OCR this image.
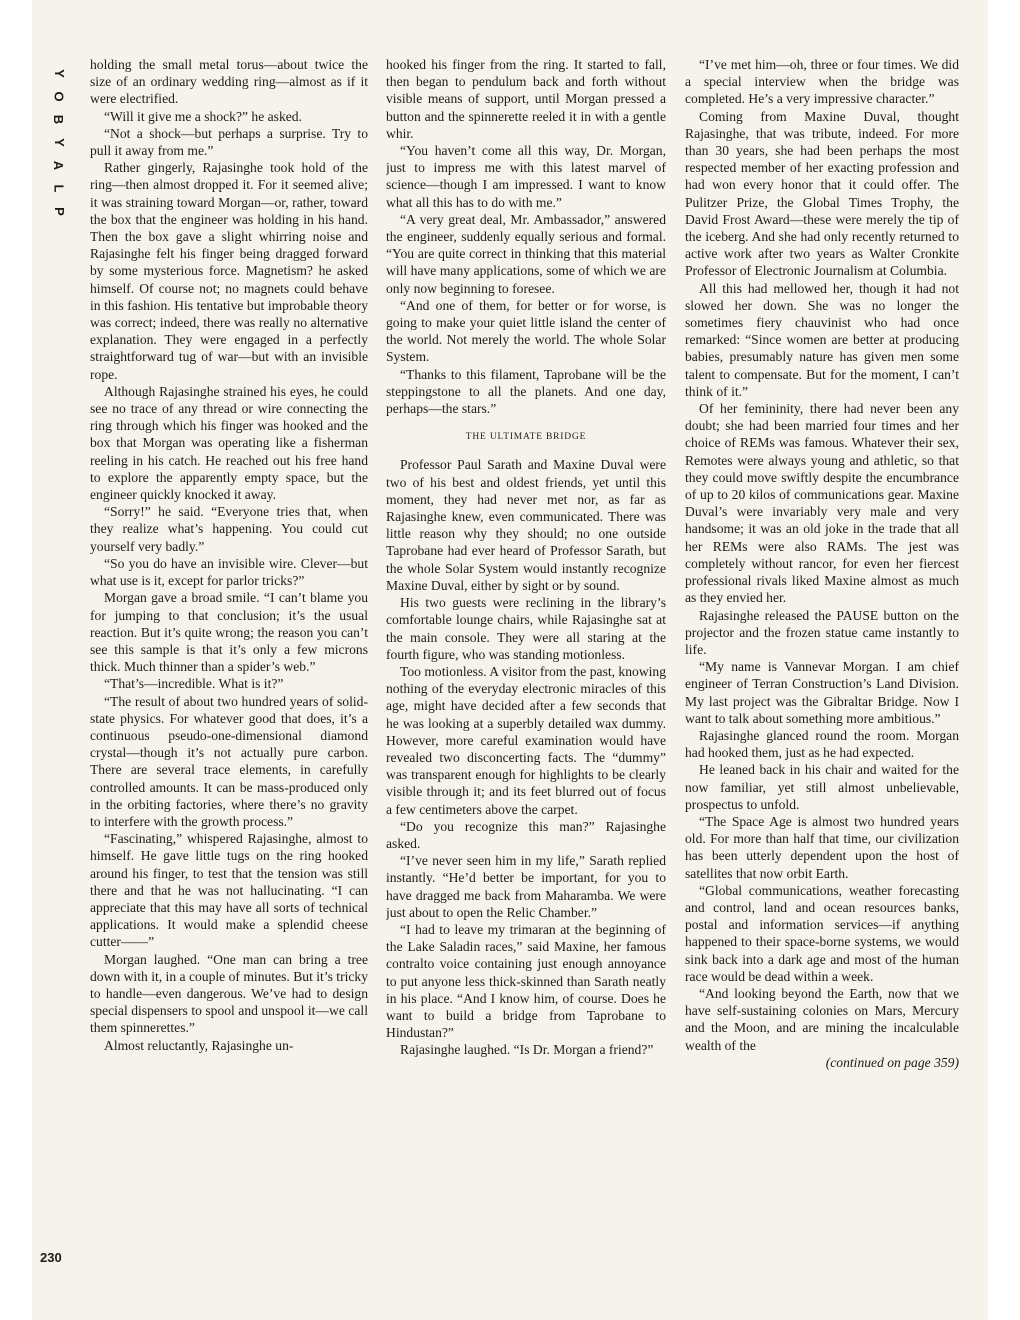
Y
O
B
Y
A
L
P
230

holding the small metal torus—about twice the size of an ordinary wedding ring—almost as if it were electrified.

“Will it give me a shock?” he asked.

“Not a shock—but perhaps a surprise. Try to pull it away from me.”

Rather gingerly, Rajasinghe took hold of the ring—then almost dropped it. For it seemed alive; it was straining toward Morgan—or, rather, toward the box that the engineer was holding in his hand. Then the box gave a slight whirring noise and Rajasinghe felt his finger being dragged forward by some mysterious force. Magnetism? he asked himself. Of course not; no magnets could behave in this fashion. His tentative but improbable theory was correct; indeed, there was really no alternative explanation. They were engaged in a perfectly straightforward tug of war—but with an invisible rope.

Although Rajasinghe strained his eyes, he could see no trace of any thread or wire connecting the ring through which his finger was hooked and the box that Morgan was operating like a fisherman reeling in his catch. He reached out his free hand to explore the apparently empty space, but the engineer quickly knocked it away.

“Sorry!” he said. “Everyone tries that, when they realize what’s happening. You could cut yourself very badly.”

“So you do have an invisible wire. Clever—but what use is it, except for parlor tricks?”

Morgan gave a broad smile. “I can’t blame you for jumping to that conclusion; it’s the usual reaction. But it’s quite wrong; the reason you can’t see this sample is that it’s only a few microns thick. Much thinner than a spider’s web.”

“That’s—incredible. What is it?”

“The result of about two hundred years of solid-state physics. For whatever good that does, it’s a continuous pseudo-one-dimensional diamond crystal—though it’s not actually pure carbon. There are several trace elements, in carefully controlled amounts. It can be mass-produced only in the orbiting factories, where there’s no gravity to interfere with the growth process.”

“Fascinating,” whispered Rajasinghe, almost to himself. He gave little tugs on the ring hooked around his finger, to test that the tension was still there and that he was not hallucinating. “I can appreciate that this may have all sorts of technical applications. It would make a splendid cheese cutter——”

Morgan laughed. “One man can bring a tree down with it, in a couple of minutes. But it’s tricky to handle—even dangerous. We’ve had to design special dispensers to spool and unspool it—we call them spinnerettes.”

Almost reluctantly, Rajasinghe un-

hooked his finger from the ring. It started to fall, then began to pendulum back and forth without visible means of support, until Morgan pressed a button and the spinnerette reeled it in with a gentle whir.

“You haven’t come all this way, Dr. Morgan, just to impress me with this latest marvel of science—though I am impressed. I want to know what all this has to do with me.”

“A very great deal, Mr. Ambassador,” answered the engineer, suddenly equally serious and formal. “You are quite correct in thinking that this material will have many applications, some of which we are only now beginning to foresee.

“And one of them, for better or for worse, is going to make your quiet little island the center of the world. Not merely the world. The whole Solar System.

“Thanks to this filament, Taprobane will be the steppingstone to all the planets. And one day, perhaps—the stars.”

THE ULTIMATE BRIDGE

Professor Paul Sarath and Maxine Duval were two of his best and oldest friends, yet until this moment, they had never met nor, as far as Rajasinghe knew, even communicated. There was little reason why they should; no one outside Taprobane had ever heard of Professor Sarath, but the whole Solar System would instantly recognize Maxine Duval, either by sight or by sound.

His two guests were reclining in the library’s comfortable lounge chairs, while Rajasinghe sat at the main console. They were all staring at the fourth figure, who was standing motionless.

Too motionless. A visitor from the past, knowing nothing of the everyday electronic miracles of this age, might have decided after a few seconds that he was looking at a superbly detailed wax dummy. However, more careful examination would have revealed two disconcerting facts. The “dummy” was transparent enough for highlights to be clearly visible through it; and its feet blurred out of focus a few centimeters above the carpet.

“Do you recognize this man?” Rajasinghe asked.

“I’ve never seen him in my life,” Sarath replied instantly. “He’d better be important, for you to have dragged me back from Maharamba. We were just about to open the Relic Chamber.”

“I had to leave my trimaran at the beginning of the Lake Saladin races,” said Maxine, her famous contralto voice containing just enough annoyance to put anyone less thick-skinned than Sarath neatly in his place. “And I know him, of course. Does he want to build a bridge from Taprobane to Hindustan?”

Rajasinghe laughed. “Is Dr. Morgan a friend?”

“I’ve met him—oh, three or four times. We did a special interview when the bridge was completed. He’s a very impressive character.”

Coming from Maxine Duval, thought Rajasinghe, that was tribute, indeed. For more than 30 years, she had been perhaps the most respected member of her exacting profession and had won every honor that it could offer. The Pulitzer Prize, the Global Times Trophy, the David Frost Award—these were merely the tip of the iceberg. And she had only recently returned to active work after two years as Walter Cronkite Professor of Electronic Journalism at Columbia.

All this had mellowed her, though it had not slowed her down. She was no longer the sometimes fiery chauvinist who had once remarked: “Since women are better at producing babies, presumably nature has given men some talent to compensate. But for the moment, I can’t think of it.”

Of her femininity, there had never been any doubt; she had been married four times and her choice of REMs was famous. Whatever their sex, Remotes were always young and athletic, so that they could move swiftly despite the encumbrance of up to 20 kilos of communications gear. Maxine Duval’s were invariably very male and very handsome; it was an old joke in the trade that all her REMs were also RAMs. The jest was completely without rancor, for even her fiercest professional rivals liked Maxine almost as much as they envied her.

Rajasinghe released the PAUSE button on the projector and the frozen statue came instantly to life.

“My name is Vannevar Morgan. I am chief engineer of Terran Construction’s Land Division. My last project was the Gibraltar Bridge. Now I want to talk about something more ambitious.”

Rajasinghe glanced round the room. Morgan had hooked them, just as he had expected.

He leaned back in his chair and waited for the now familiar, yet still almost unbelievable, prospectus to unfold.

“The Space Age is almost two hundred years old. For more than half that time, our civilization has been utterly dependent upon the host of satellites that now orbit Earth.

“Global communications, weather forecasting and control, land and ocean resources banks, postal and information services—if anything happened to their space-borne systems, we would sink back into a dark age and most of the human race would be dead within a week.

“And looking beyond the Earth, now that we have self-sustaining colonies on Mars, Mercury and the Moon, and are mining the incalculable wealth of the

(continued on page 359)
